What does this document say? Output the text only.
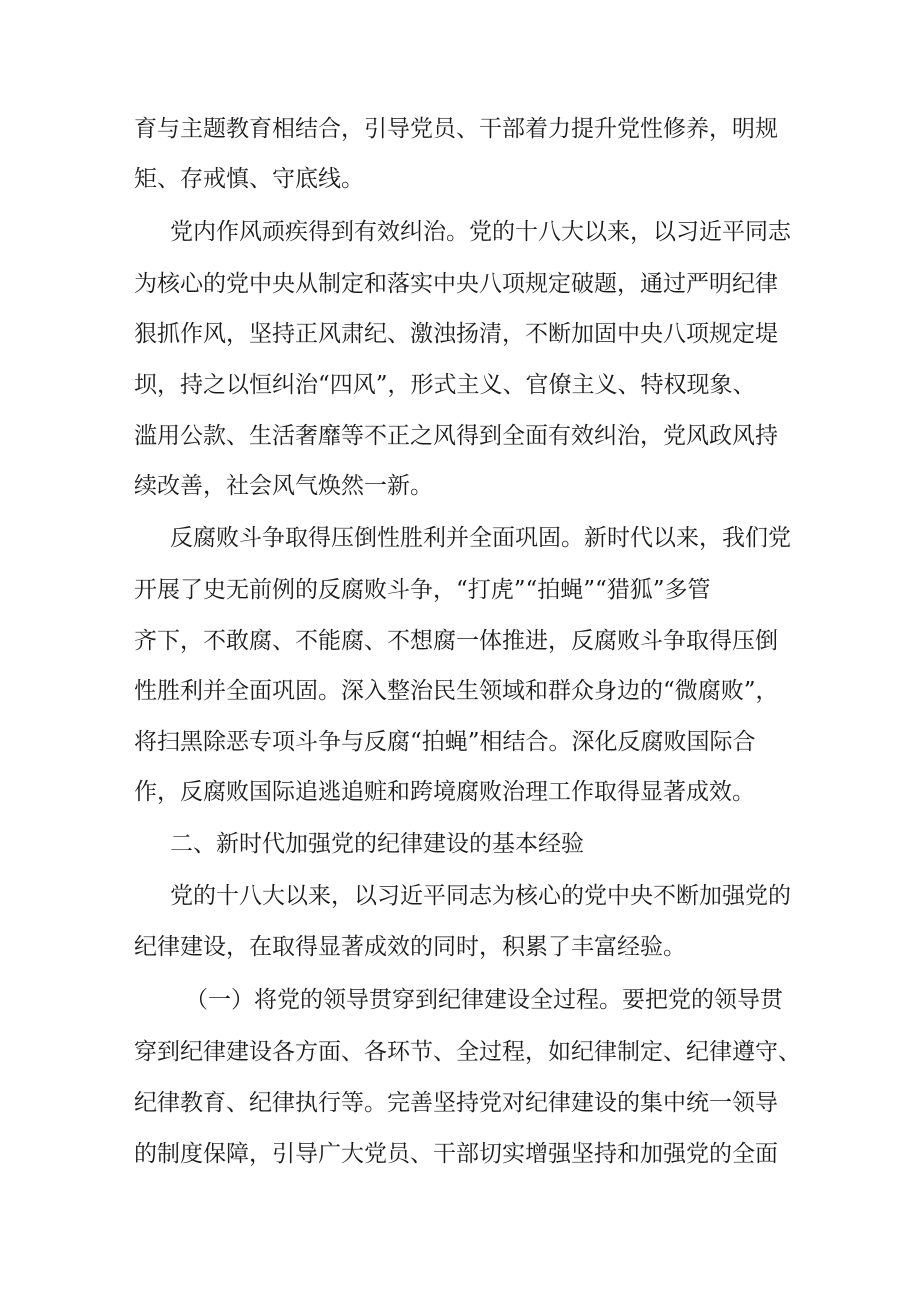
育与主题教育相结合，引导党员、干部着力提升党性修养，明规
矩、存戒慎、守底线。
党内作风顽疾得到有效纠治。党的十八大以来，以习近平同志
为核心的党中央从制定和落实中央八项规定破题，通过严明纪律
狠抓作风，坚持正风肃纪、激浊扬清，不断加固中央八项规定堤
坝，持之以恒纠治“四风”，形式主义、官僚主义、特权现象、
滥用公款、生活奢靡等不正之风得到全面有效纠治，党风政风持
续改善，社会风气焕然一新。
反腐败斗争取得压倒性胜利并全面巩固。新时代以来，我们党
开展了史无前例的反腐败斗争，“打虎”“拍蝇”“猎狐”多管
齐下，不敢腐、不能腐、不想腐一体推进，反腐败斗争取得压倒
性胜利并全面巩固。深入整治民生领域和群众身边的“微腐败”，
将扫黑除恶专项斗争与反腐“拍蝇”相结合。深化反腐败国际合
作，反腐败国际追逃追赃和跨境腐败治理工作取得显著成效。
二、新时代加强党的纪律建设的基本经验
党的十八大以来，以习近平同志为核心的党中央不断加强党的
纪律建设，在取得显著成效的同时，积累了丰富经验。
（一）将党的领导贯穿到纪律建设全过程。要把党的领导贯
穿到纪律建设各方面、各环节、全过程，如纪律制定、纪律遵守、
纪律教育、纪律执行等。完善坚持党对纪律建设的集中统一领导
的制度保障，引导广大党员、干部切实增强坚持和加强党的全面
